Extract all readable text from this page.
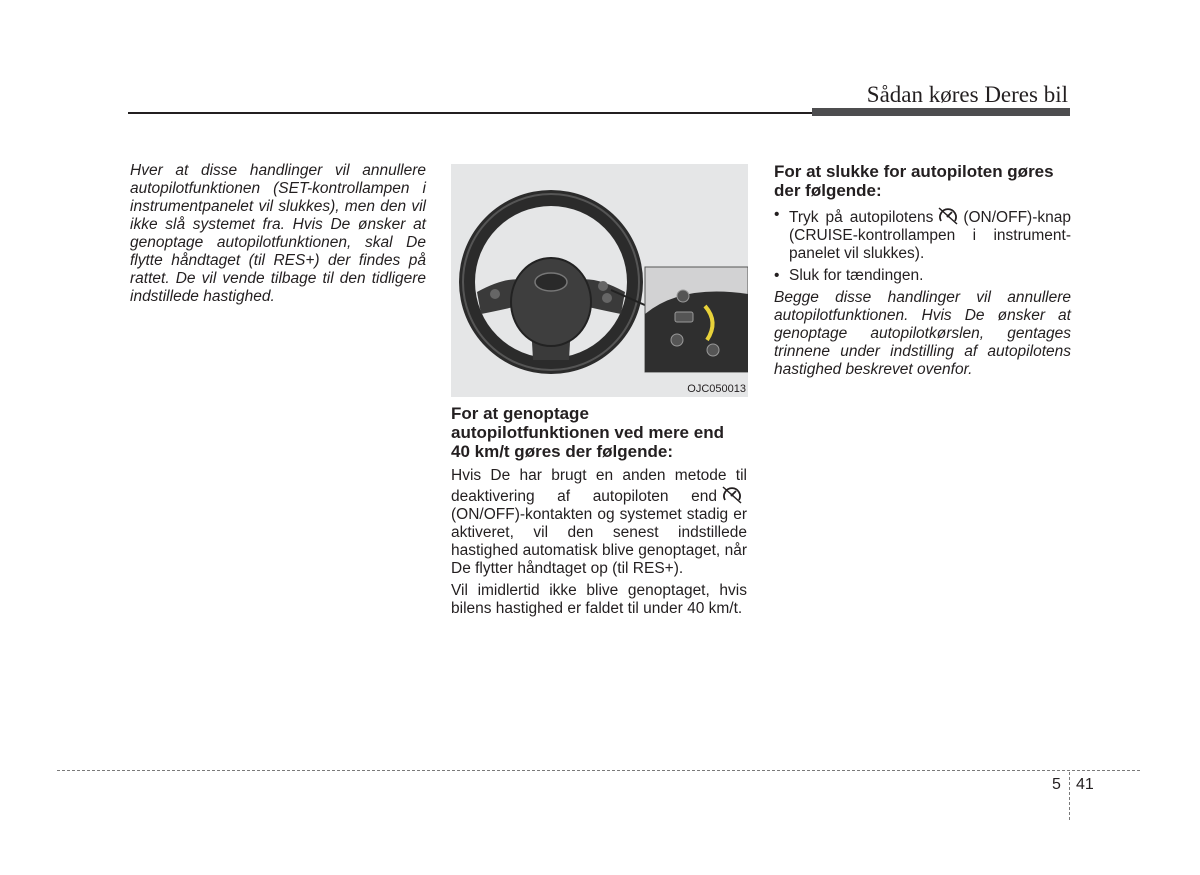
Sådan køres Deres bil

Hver at disse handlinger vil annullere autopilotfunktionen (SET-kontrollampen i instrumentpanelet vil slukkes), men den vil ikke slå systemet fra. Hvis De ønsker at genoptage autopilotfunktionen, skal De flytte håndtaget (til RES+) der findes på rattet. De vil vende tilbage til den tidligere indstillede hastighed.

OJC050013

For at genoptage autopilotfunktionen ved mere end 40 km/t gøres der følgende:

Hvis De har brugt en anden metode til deaktivering af autopiloten end(ON/OFF)-kontakten og systemet stadig er aktiveret, vil den senest indstillede hastighed automatisk blive genoptaget, når De flytter håndtaget op (til RES+).

Vil imidlertid ikke blive genoptaget, hvis bilens hastighed er faldet til under 40 km/t.

For at slukke for autopiloten gøres der følgende:

• Tryk på autopilotens (ON/OFF)-knap (CRUISE-kontrollampen i instrument-panelet vil slukkes).
• Sluk for tændingen.

Begge disse handlinger vil annullere autopilotfunktionen. Hvis De ønsker at genoptage autopilotkørslen, gentages trinnene under indstilling af autopilotens hastighed beskrevet ovenfor.

5 41
